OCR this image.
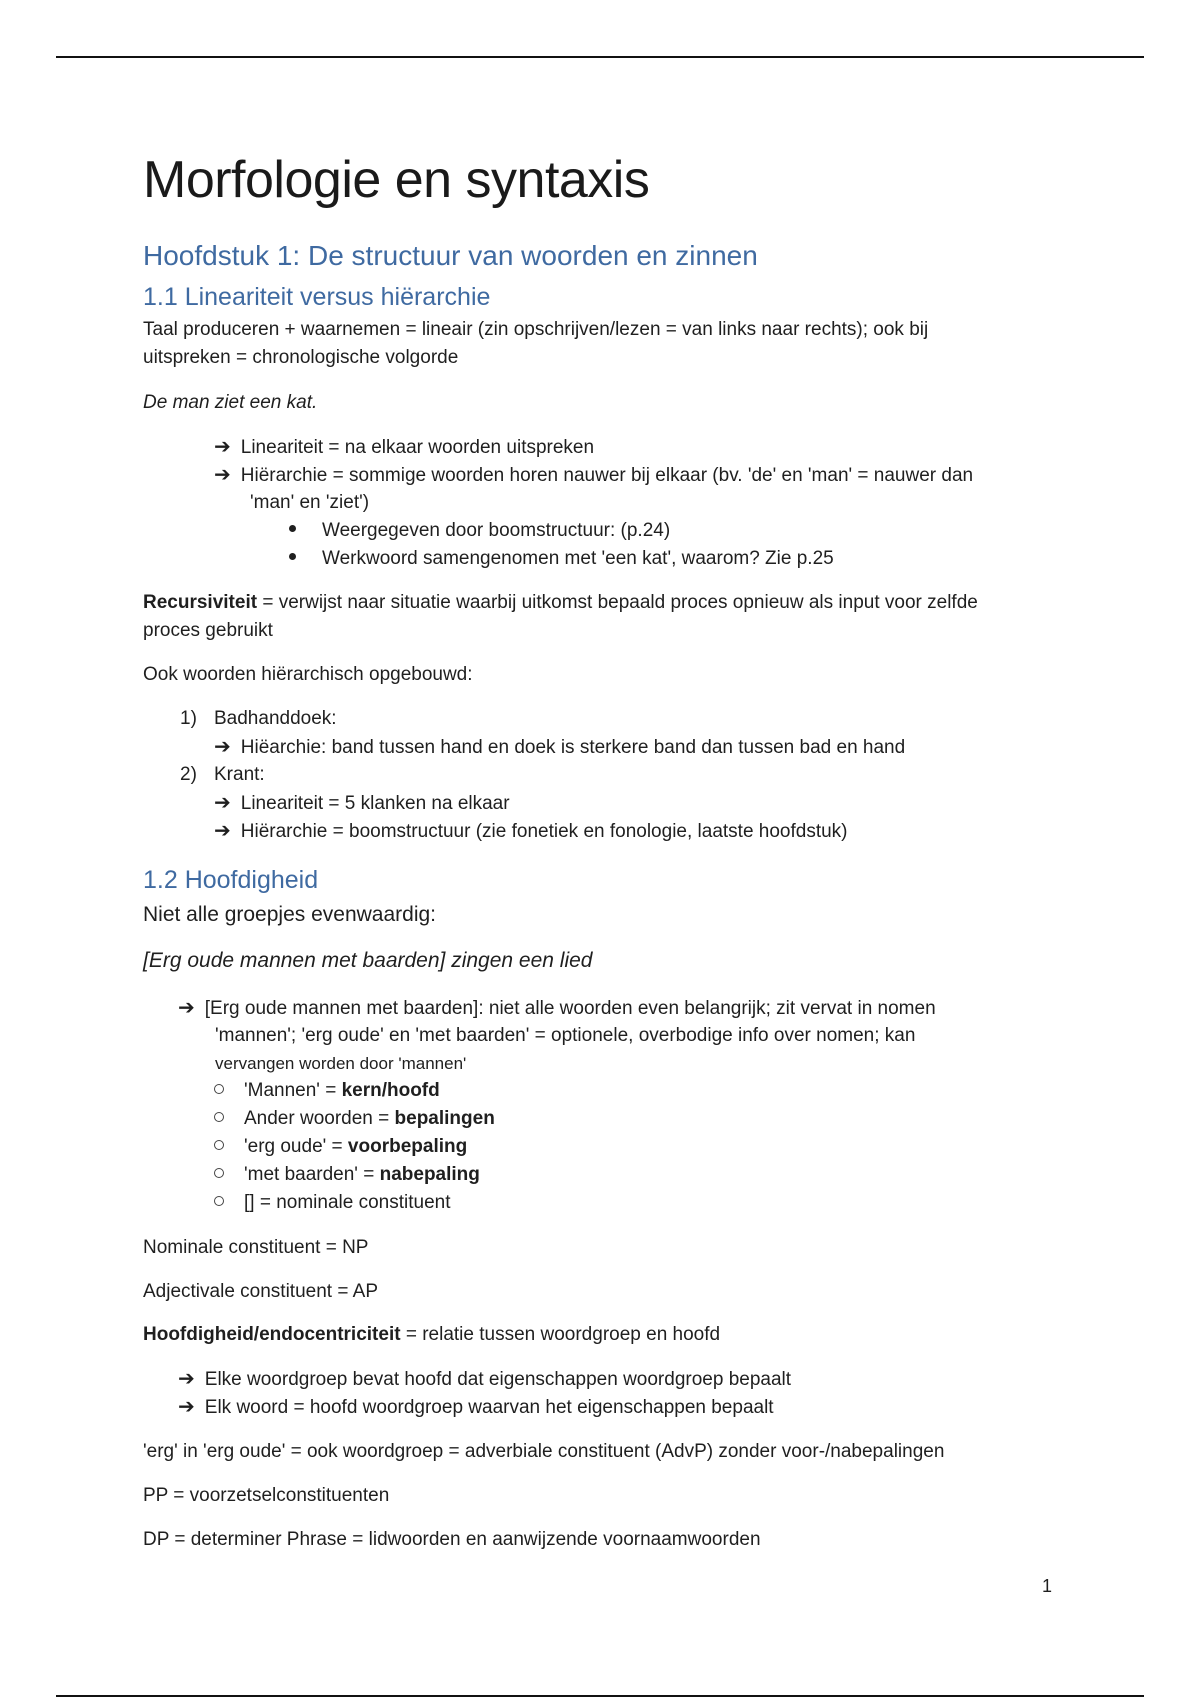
Morfologie en syntaxis
Hoofdstuk 1: De structuur van woorden en zinnen
1.1 Lineariteit versus hiërarchie
Taal produceren + waarnemen = lineair (zin opschrijven/lezen = van links naar rechts); ook bij
uitspreken = chronologische volgorde
De man ziet een kat.
➔ Lineariteit = na elkaar woorden uitspreken
➔ Hiërarchie = sommige woorden horen nauwer bij elkaar (bv. 'de' en 'man' = nauwer dan
'man' en 'ziet')
Weergegeven door boomstructuur: (p.24)
Werkwoord samengenomen met 'een kat', waarom? Zie p.25
Recursiviteit = verwijst naar situatie waarbij uitkomst bepaald proces opnieuw als input voor zelfde
proces gebruikt
Ook woorden hiërarchisch opgebouwd:
1) Badhanddoek:
➔ Hiëarchie: band tussen hand en doek is sterkere band dan tussen bad en hand
2) Krant:
➔ Lineariteit = 5 klanken na elkaar
➔ Hiërarchie = boomstructuur (zie fonetiek en fonologie, laatste hoofdstuk)
1.2 Hoofdigheid
Niet alle groepjes evenwaardig:
[Erg oude mannen met baarden] zingen een lied
➔ [Erg oude mannen met baarden]: niet alle woorden even belangrijk; zit vervat in nomen
'mannen'; 'erg oude' en 'met baarden' = optionele, overbodige info over nomen; kan
vervangen worden door 'mannen'
'Mannen' = kern/hoofd
Ander woorden = bepalingen
'erg oude' = voorbepaling
'met baarden' = nabepaling
[] = nominale constituent
Nominale constituent = NP
Adjectivale constituent = AP
Hoofdigheid/endocentriciteit = relatie tussen woordgroep en hoofd
➔ Elke woordgroep bevat hoofd dat eigenschappen woordgroep bepaalt
➔ Elk woord = hoofd woordgroep waarvan het eigenschappen bepaalt
'erg' in 'erg oude' = ook woordgroep = adverbiale constituent (AdvP) zonder voor-/nabepalingen
PP = voorzetselconstituenten
DP = determiner Phrase = lidwoorden en aanwijzende voornaamwoorden
1
